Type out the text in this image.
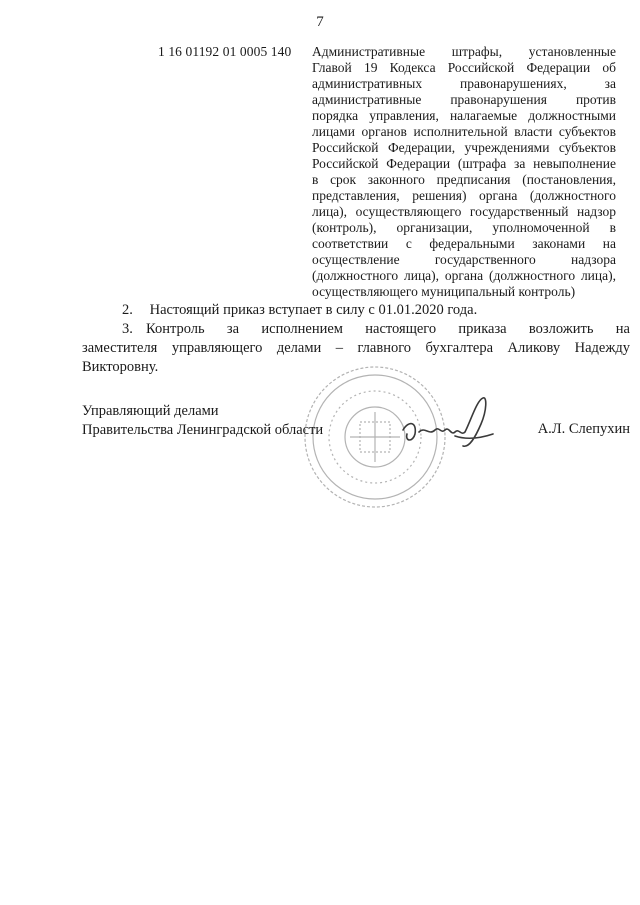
7
1 16 01192 01 0005 140	Административные штрафы, установленные
Главой 19 Кодекса Российской Федерации об
административных правонарушениях, за
административные правонарушения против
порядка управления, налагаемые должностными
лицами органов исполнительной власти субъектов
Российской Федерации, учреждениями субъектов
Российской Федерации (штрафа за невыполнение
в срок законного предписания (постановления,
представления, решения) органа (должностного
лица), осуществляющего государственный надзор
(контроль), организации, уполномоченной в
соответствии с федеральными законами на
осуществление государственного надзора
(должностного лица), органа (должностного лица),
осуществляющего муниципальный контроль)
2. Настоящий приказ вступает в силу с 01.01.2020 года.
3. Контроль за исполнением настоящего приказа возложить на
заместителя управляющего делами – главного бухгалтера Аликову Надежду
Викторовну.
Управляющий делами
Правительства Ленинградской области	А.Л. Слепухин
